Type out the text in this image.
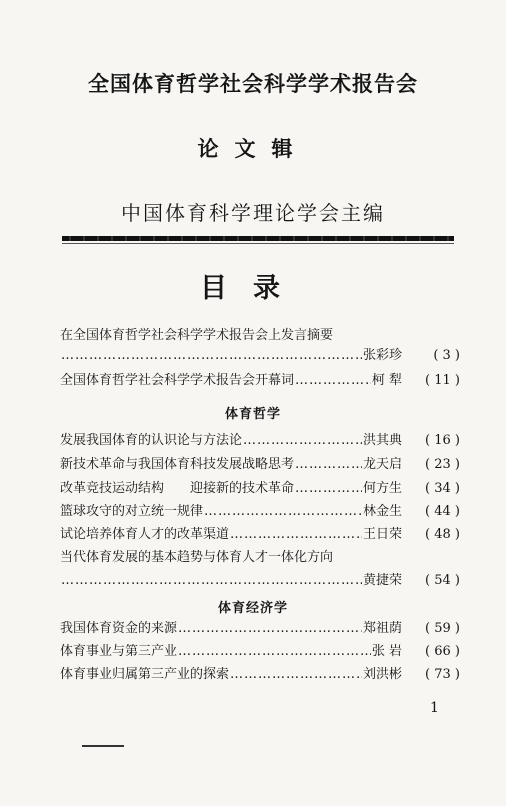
全国体育哲学社会科学学术报告会
论文辑
中国体育科学理论学会主编
目录
在全国体育哲学社会科学学术报告会上发言摘要
…………………………………………………………………………………………………………
张彩珍	( 3 )
全国体育哲学社会科学学术报告会开幕词 …………………………………………………………………………………………………………	柯 犁	( 11 )
体育哲学
发展我国体育的认识论与方法论 …………………………………………………………………………………………………………	洪其典	( 16 )
新技术革命与我国体育科技发展战略思考 …………………………………………………………………………………………………………	龙天启	( 23 )
改革竞技运动结构　　迎接新的技术革命 …………………………………………………………………………………………………………	何方生	( 34 )
篮球攻守的对立统一规律 …………………………………………………………………………………………………………	林金生	( 44 )
试论培养体育人才的改革渠道 …………………………………………………………………………………………………………	王日荣	( 48 )
当代体育发展的基本趋势与体育人才一体化方向
…………………………………………………………………………………………………………
黄捷荣	( 54 )
体育经济学
我国体育资金的来源 …………………………………………………………………………………………………………	郑祖荫	( 59 )
体育事业与第三产业 …………………………………………………………………………………………………………	张 岩	( 66 )
体育事业归属第三产业的探索 …………………………………………………………………………………………………………	刘洪彬	( 73 )
1
